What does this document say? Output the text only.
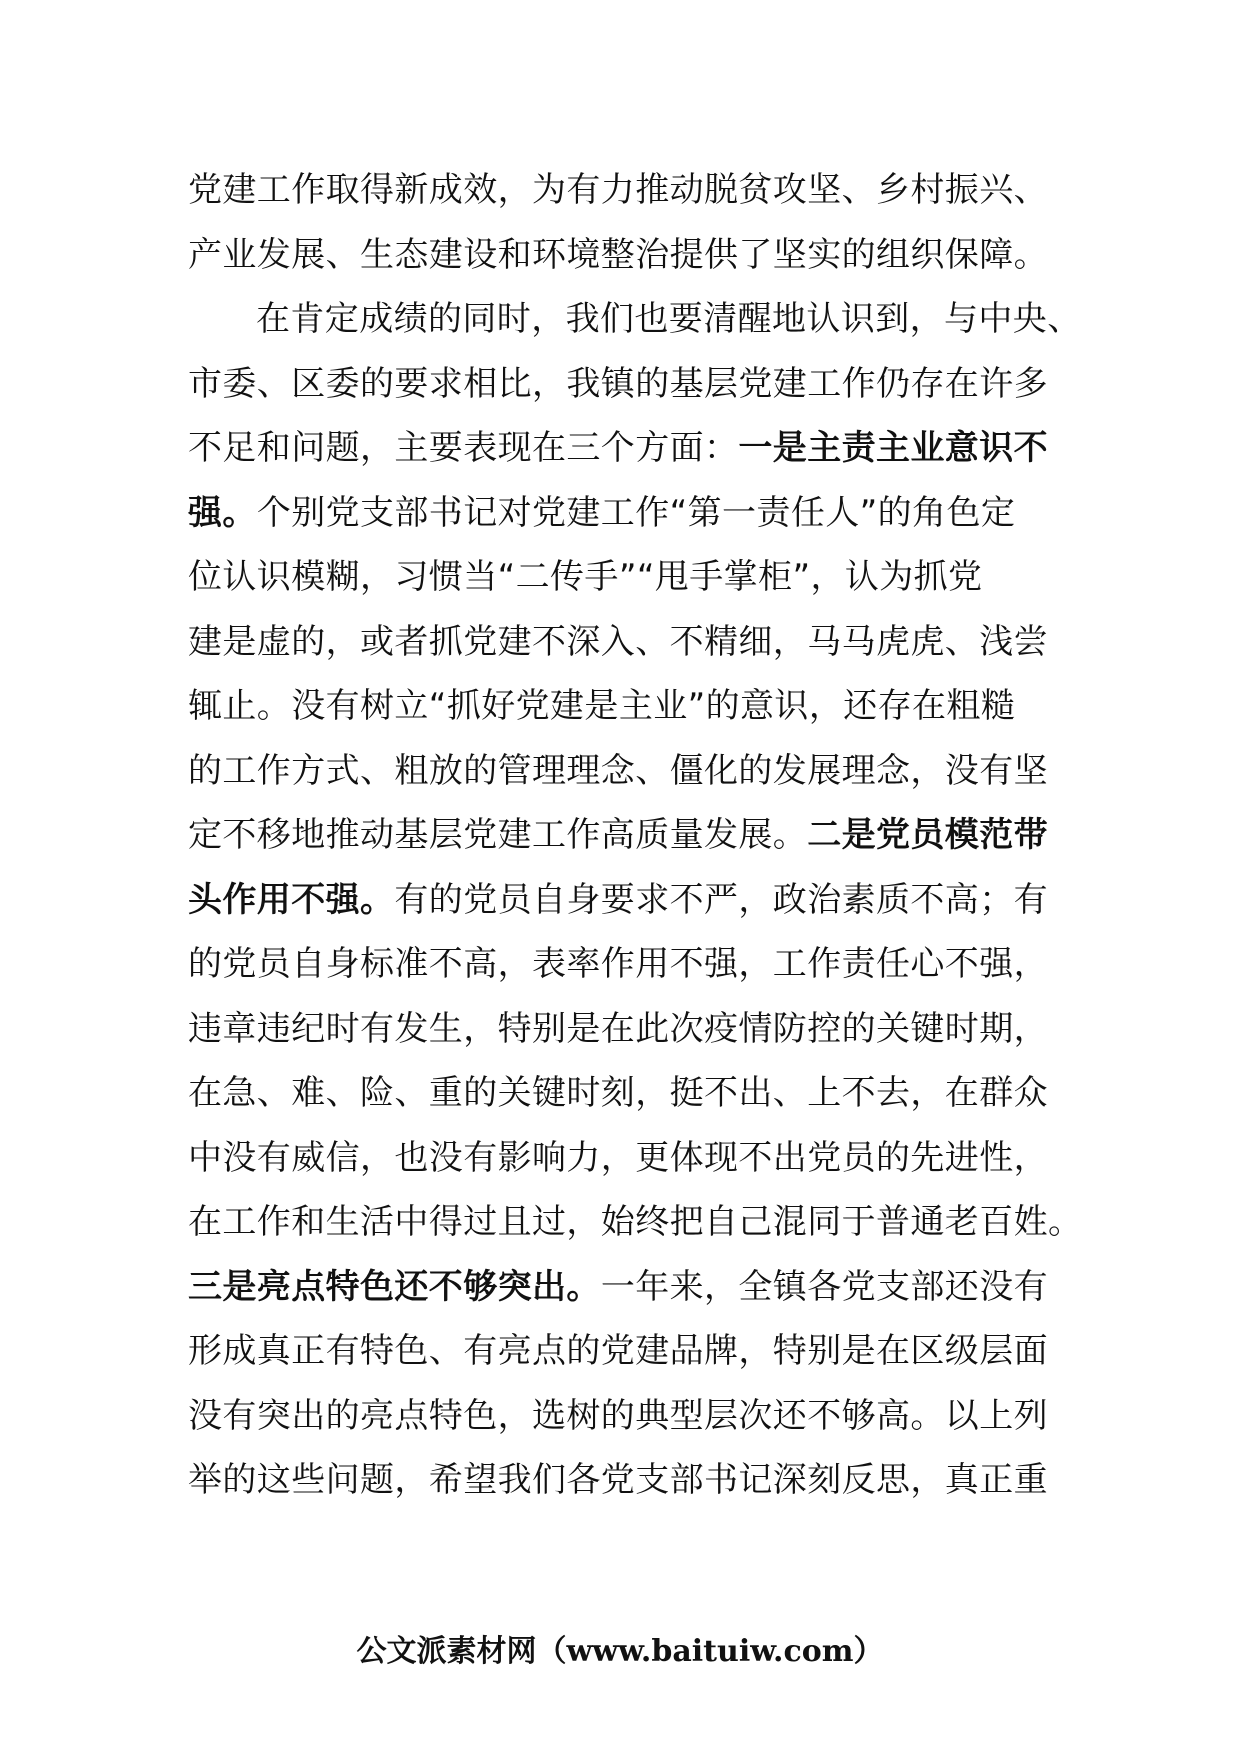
党建工作取得新成效，为有力推动脱贫攻坚、乡村振兴、
产业发展、生态建设和环境整治提供了坚实的组织保障。
在肯定成绩的同时，我们也要清醒地认识到，与中央、
市委、区委的要求相比，我镇的基层党建工作仍存在许多
不足和问题，主要表现在三个方面：一是主责主业意识不
强。个别党支部书记对党建工作“第一责任人”的角色定
位认识模糊，习惯当“二传手”“甩手掌柜”，认为抓党
建是虚的，或者抓党建不深入、不精细，马马虎虎、浅尝
辄止。没有树立“抓好党建是主业”的意识，还存在粗糙
的工作方式、粗放的管理理念、僵化的发展理念，没有坚
定不移地推动基层党建工作高质量发展。二是党员模范带
头作用不强。有的党员自身要求不严，政治素质不高；有
的党员自身标准不高，表率作用不强，工作责任心不强，
违章违纪时有发生，特别是在此次疫情防控的关键时期，
在急、难、险、重的关键时刻，挺不出、上不去，在群众
中没有威信，也没有影响力，更体现不出党员的先进性，
在工作和生活中得过且过，始终把自己混同于普通老百姓。
三是亮点特色还不够突出。一年来，全镇各党支部还没有
形成真正有特色、有亮点的党建品牌，特别是在区级层面
没有突出的亮点特色，选树的典型层次还不够高。以上列
举的这些问题，希望我们各党支部书记深刻反思，真正重
公文派素材网（www.baituiw.com）
